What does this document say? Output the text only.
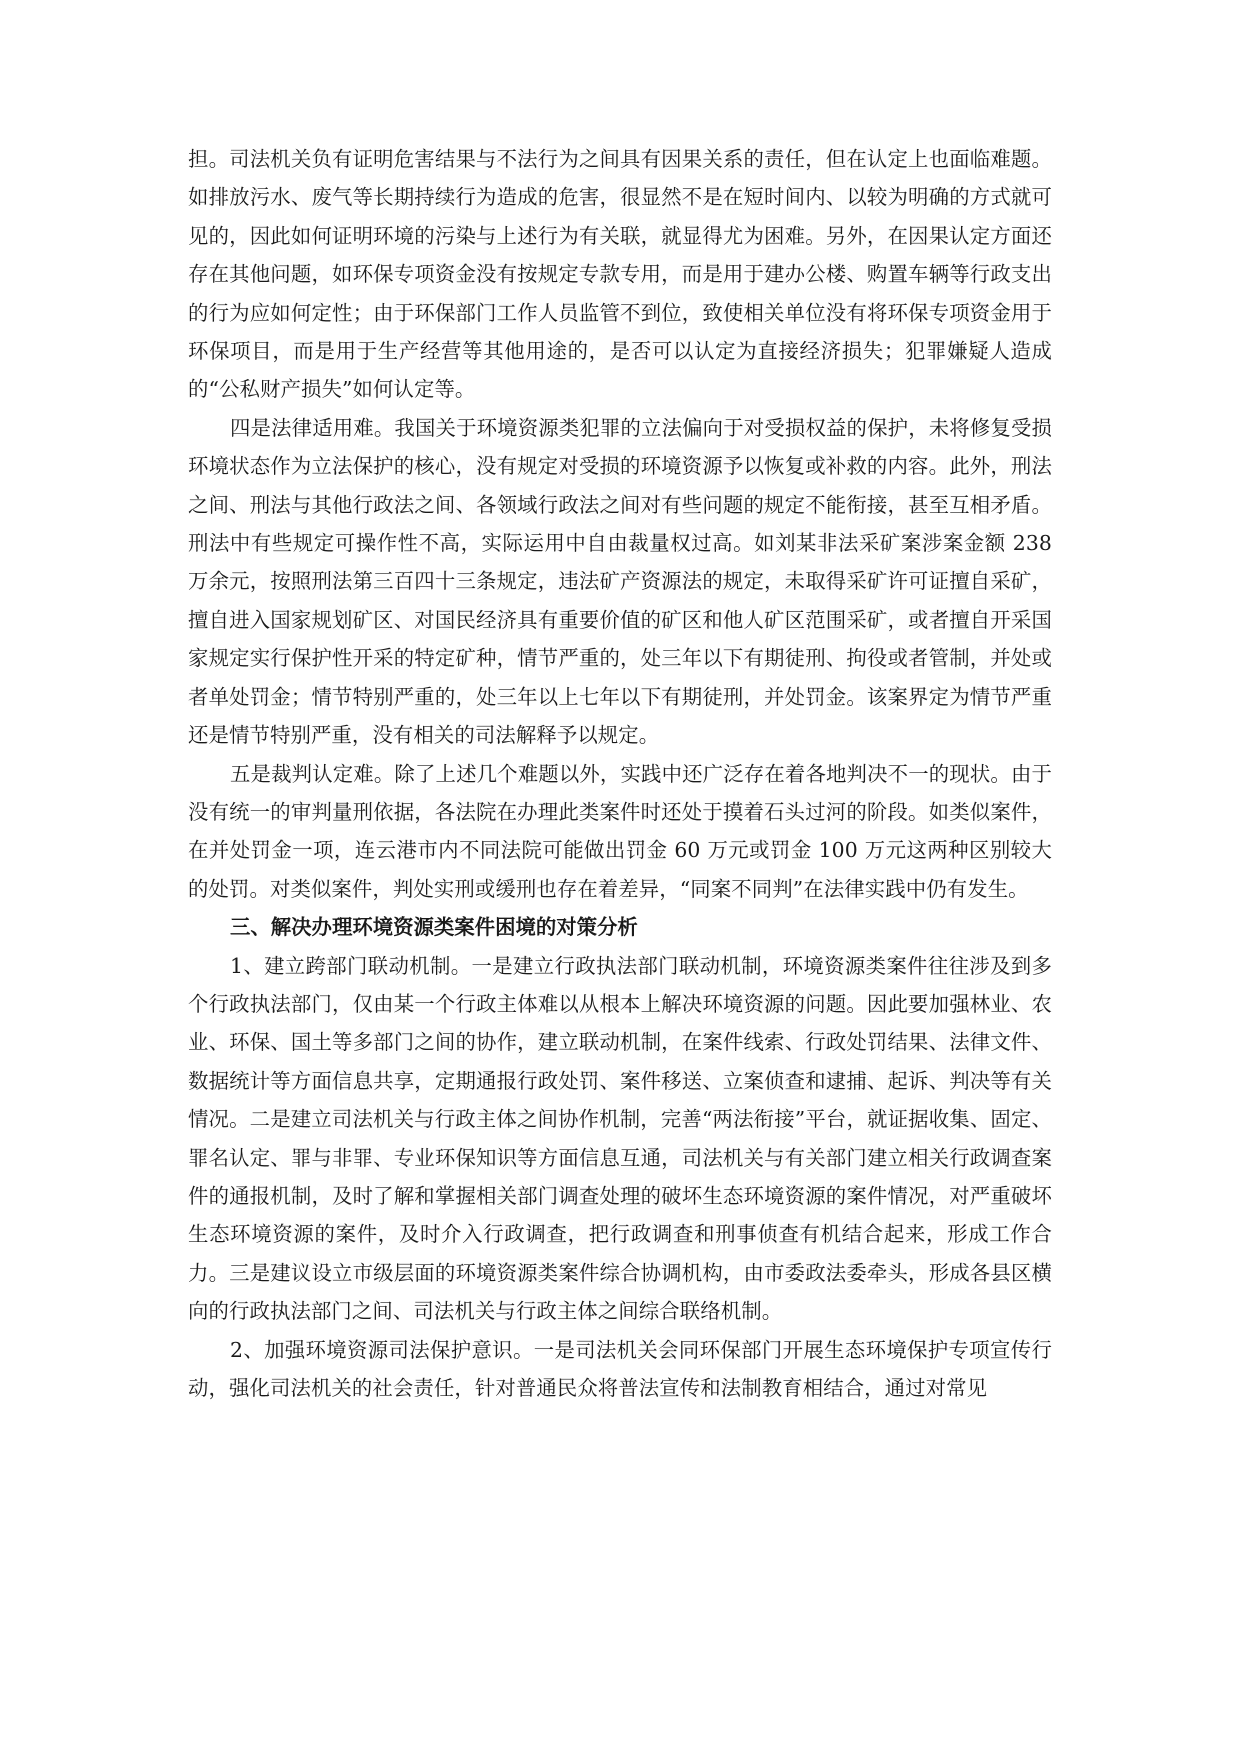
担。司法机关负有证明危害结果与不法行为之间具有因果关系的责任，但在认定上也面临难题。如排放污水、废气等长期持续行为造成的危害，很显然不是在短时间内、以较为明确的方式就可见的，因此如何证明环境的污染与上述行为有关联，就显得尤为困难。另外，在因果认定方面还存在其他问题，如环保专项资金没有按规定专款专用，而是用于建办公楼、购置车辆等行政支出的行为应如何定性；由于环保部门工作人员监管不到位，致使相关单位没有将环保专项资金用于环保项目，而是用于生产经营等其他用途的，是否可以认定为直接经济损失；犯罪嫌疑人造成的“公私财产损失”如何认定等。

四是法律适用难。我国关于环境资源类犯罪的立法偏向于对受损权益的保护，未将修复受损环境状态作为立法保护的核心，没有规定对受损的环境资源予以恢复或补救的内容。此外，刑法之间、刑法与其他行政法之间、各领域行政法之间对有些问题的规定不能衔接，甚至互相矛盾。刑法中有些规定可操作性不高，实际运用中自由裁量权过高。如刘某非法采矿案涉案金额 238 万余元，按照刑法第三百四十三条规定，违法矿产资源法的规定，未取得采矿许可证擅自采矿，擅自进入国家规划矿区、对国民经济具有重要价值的矿区和他人矿区范围采矿，或者擅自开采国家规定实行保护性开采的特定矿种，情节严重的，处三年以下有期徒刑、拘役或者管制，并处或者单处罚金；情节特别严重的，处三年以上七年以下有期徒刑，并处罚金。该案界定为情节严重还是情节特别严重，没有相关的司法解释予以规定。

五是裁判认定难。除了上述几个难题以外，实践中还广泛存在着各地判决不一的现状。由于没有统一的审判量刑依据，各法院在办理此类案件时还处于摸着石头过河的阶段。如类似案件，在并处罚金一项，连云港市内不同法院可能做出罚金 60 万元或罚金 100 万元这两种区别较大的处罚。对类似案件，判处实刑或缓刑也存在着差异，“同案不同判”在法律实践中仍有发生。

三、解决办理环境资源类案件困境的对策分析

1、建立跨部门联动机制。一是建立行政执法部门联动机制，环境资源类案件往往涉及到多个行政执法部门，仅由某一个行政主体难以从根本上解决环境资源的问题。因此要加强林业、农业、环保、国土等多部门之间的协作，建立联动机制，在案件线索、行政处罚结果、法律文件、数据统计等方面信息共享，定期通报行政处罚、案件移送、立案侦查和逮捕、起诉、判决等有关情况。二是建立司法机关与行政主体之间协作机制，完善“两法衔接”平台，就证据收集、固定、罪名认定、罪与非罪、专业环保知识等方面信息互通，司法机关与有关部门建立相关行政调查案件的通报机制，及时了解和掌握相关部门调查处理的破坏生态环境资源的案件情况，对严重破坏生态环境资源的案件，及时介入行政调查，把行政调查和刑事侦查有机结合起来，形成工作合力。三是建议设立市级层面的环境资源类案件综合协调机构，由市委政法委牵头，形成各县区横向的行政执法部门之间、司法机关与行政主体之间综合联络机制。

2、加强环境资源司法保护意识。一是司法机关会同环保部门开展生态环境保护专项宣传行动，强化司法机关的社会责任，针对普通民众将普法宣传和法制教育相结合，通过对常见
